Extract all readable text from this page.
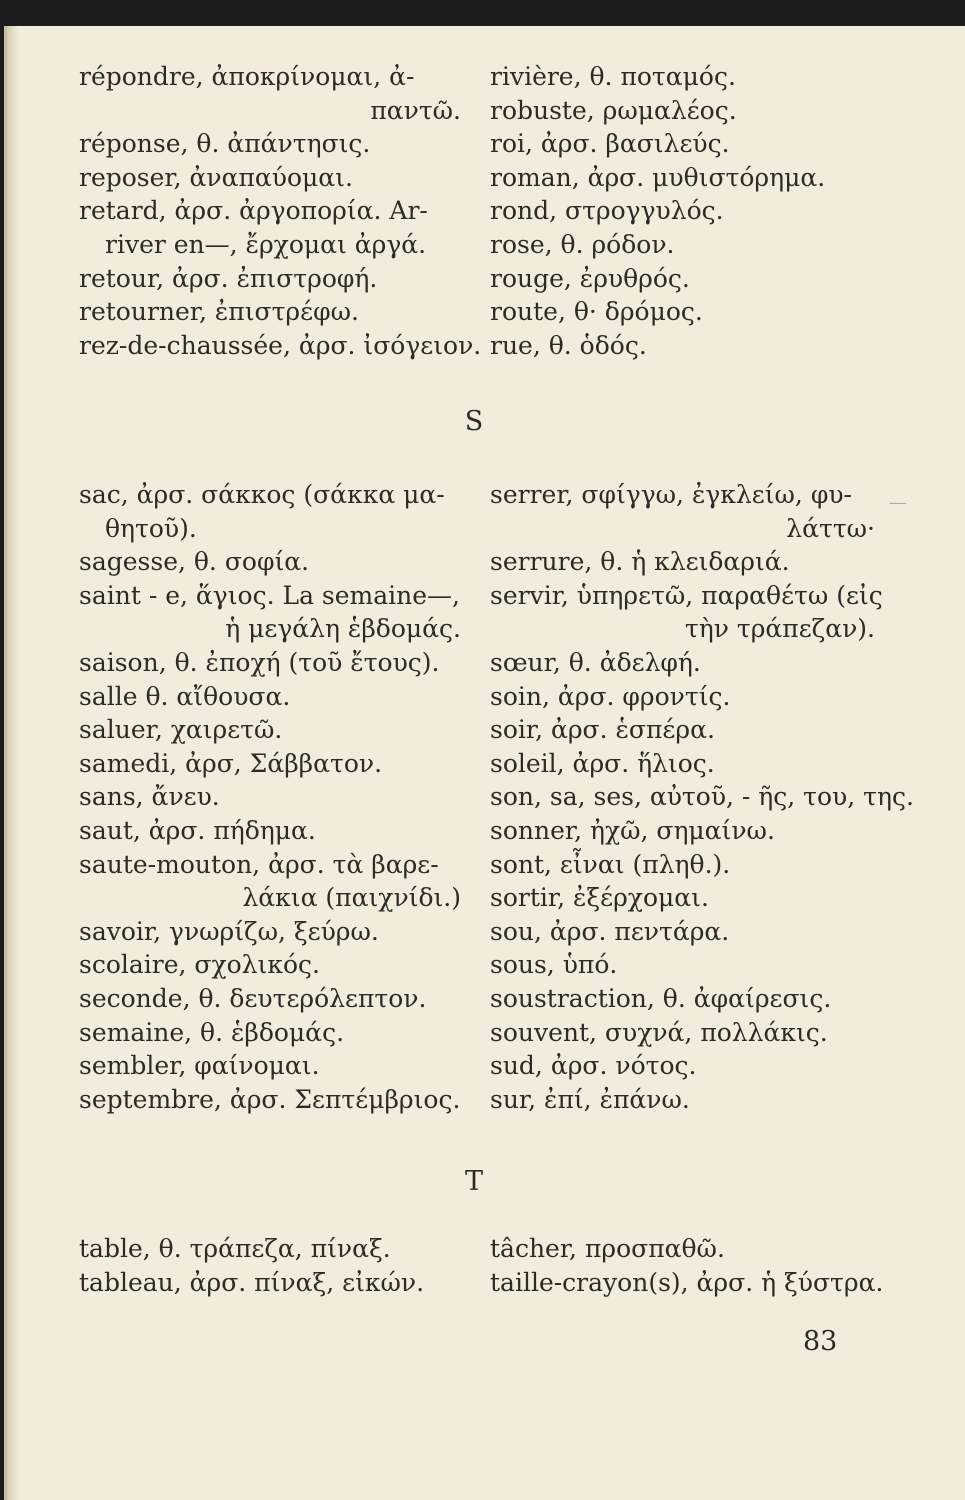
répondre, ἀποκρίνομαι, ἀ-
παντῶ.
réponse, θ. ἀπάντησις.
reposer, ἀναπαύομαι.
retard, ἀρσ. ἀργοπορία. Ar-
river en—, ἔρχομαι ἀργά.
retour, ἀρσ. ἐπιστροφή.
retourner, ἐπιστρέφω.
rez-de-chaussée, ἀρσ. ἰσόγειον.
rivière, θ. ποταμός.
robuste, ρωμαλέος.
roi, ἀρσ. βασιλεύς.
roman, ἀρσ. μυθιστόρημα.
rond, στρογγυλός.
rose, θ. ρόδον.
rouge, ἐρυθρός.
route, θ· δρόμος.
rue, θ. ὁδός.
S
sac, ἀρσ. σάκκος (σάκκα μα-
θητοῦ).
sagesse, θ. σοφία.
saint - e, ἅγιος. La semaine—,
ἡ μεγάλη ἑβδομάς.
saison, θ. ἐποχή (τοῦ ἔτους).
salle θ. αἴθουσα.
saluer, χαιρετῶ.
samedi, ἀρσ, Σάββατον.
sans, ἄνευ.
saut, ἀρσ. πήδημα.
saute-mouton, ἀρσ. τὰ βαρε-
λάκια (παιχνίδι.)
savoir, γνωρίζω, ξεύρω.
scolaire, σχολικός.
seconde, θ. δευτερόλεπτον.
semaine, θ. ἑβδομάς.
sembler, φαίνομαι.
septembre, ἀρσ. Σεπτέμβριος.
serrer, σφίγγω, ἐγκλείω, φυ-
λάττω·
serrure, θ. ἡ κλειδαριά.
servir, ὑπηρετῶ, παραθέτω (εἰς
τὴν τράπεζαν).
sœur, θ. ἀδελφή.
soin, ἀρσ. φροντίς.
soir, ἀρσ. ἑσπέρα.
soleil, ἀρσ. ἥλιος.
son, sa, ses, αὐτοῦ, - ῆς, του, της.
sonner, ἠχῶ, σημαίνω.
sont, εἶναι (πληθ.).
sortir, ἐξέρχομαι.
sou, ἀρσ. πεντάρα.
sous, ὑπό.
soustraction, θ. ἀφαίρεσις.
souvent, συχνά, πολλάκις.
sud, ἀρσ. νότος.
sur, ἐπί, ἐπάνω.
T
table, θ. τράπεζα, πίναξ.
tableau, ἀρσ. πίναξ, εἰκών.
tâcher, προσπαθῶ.
taille-crayon(s), ἀρσ. ἡ ξύστρα.
83
—
